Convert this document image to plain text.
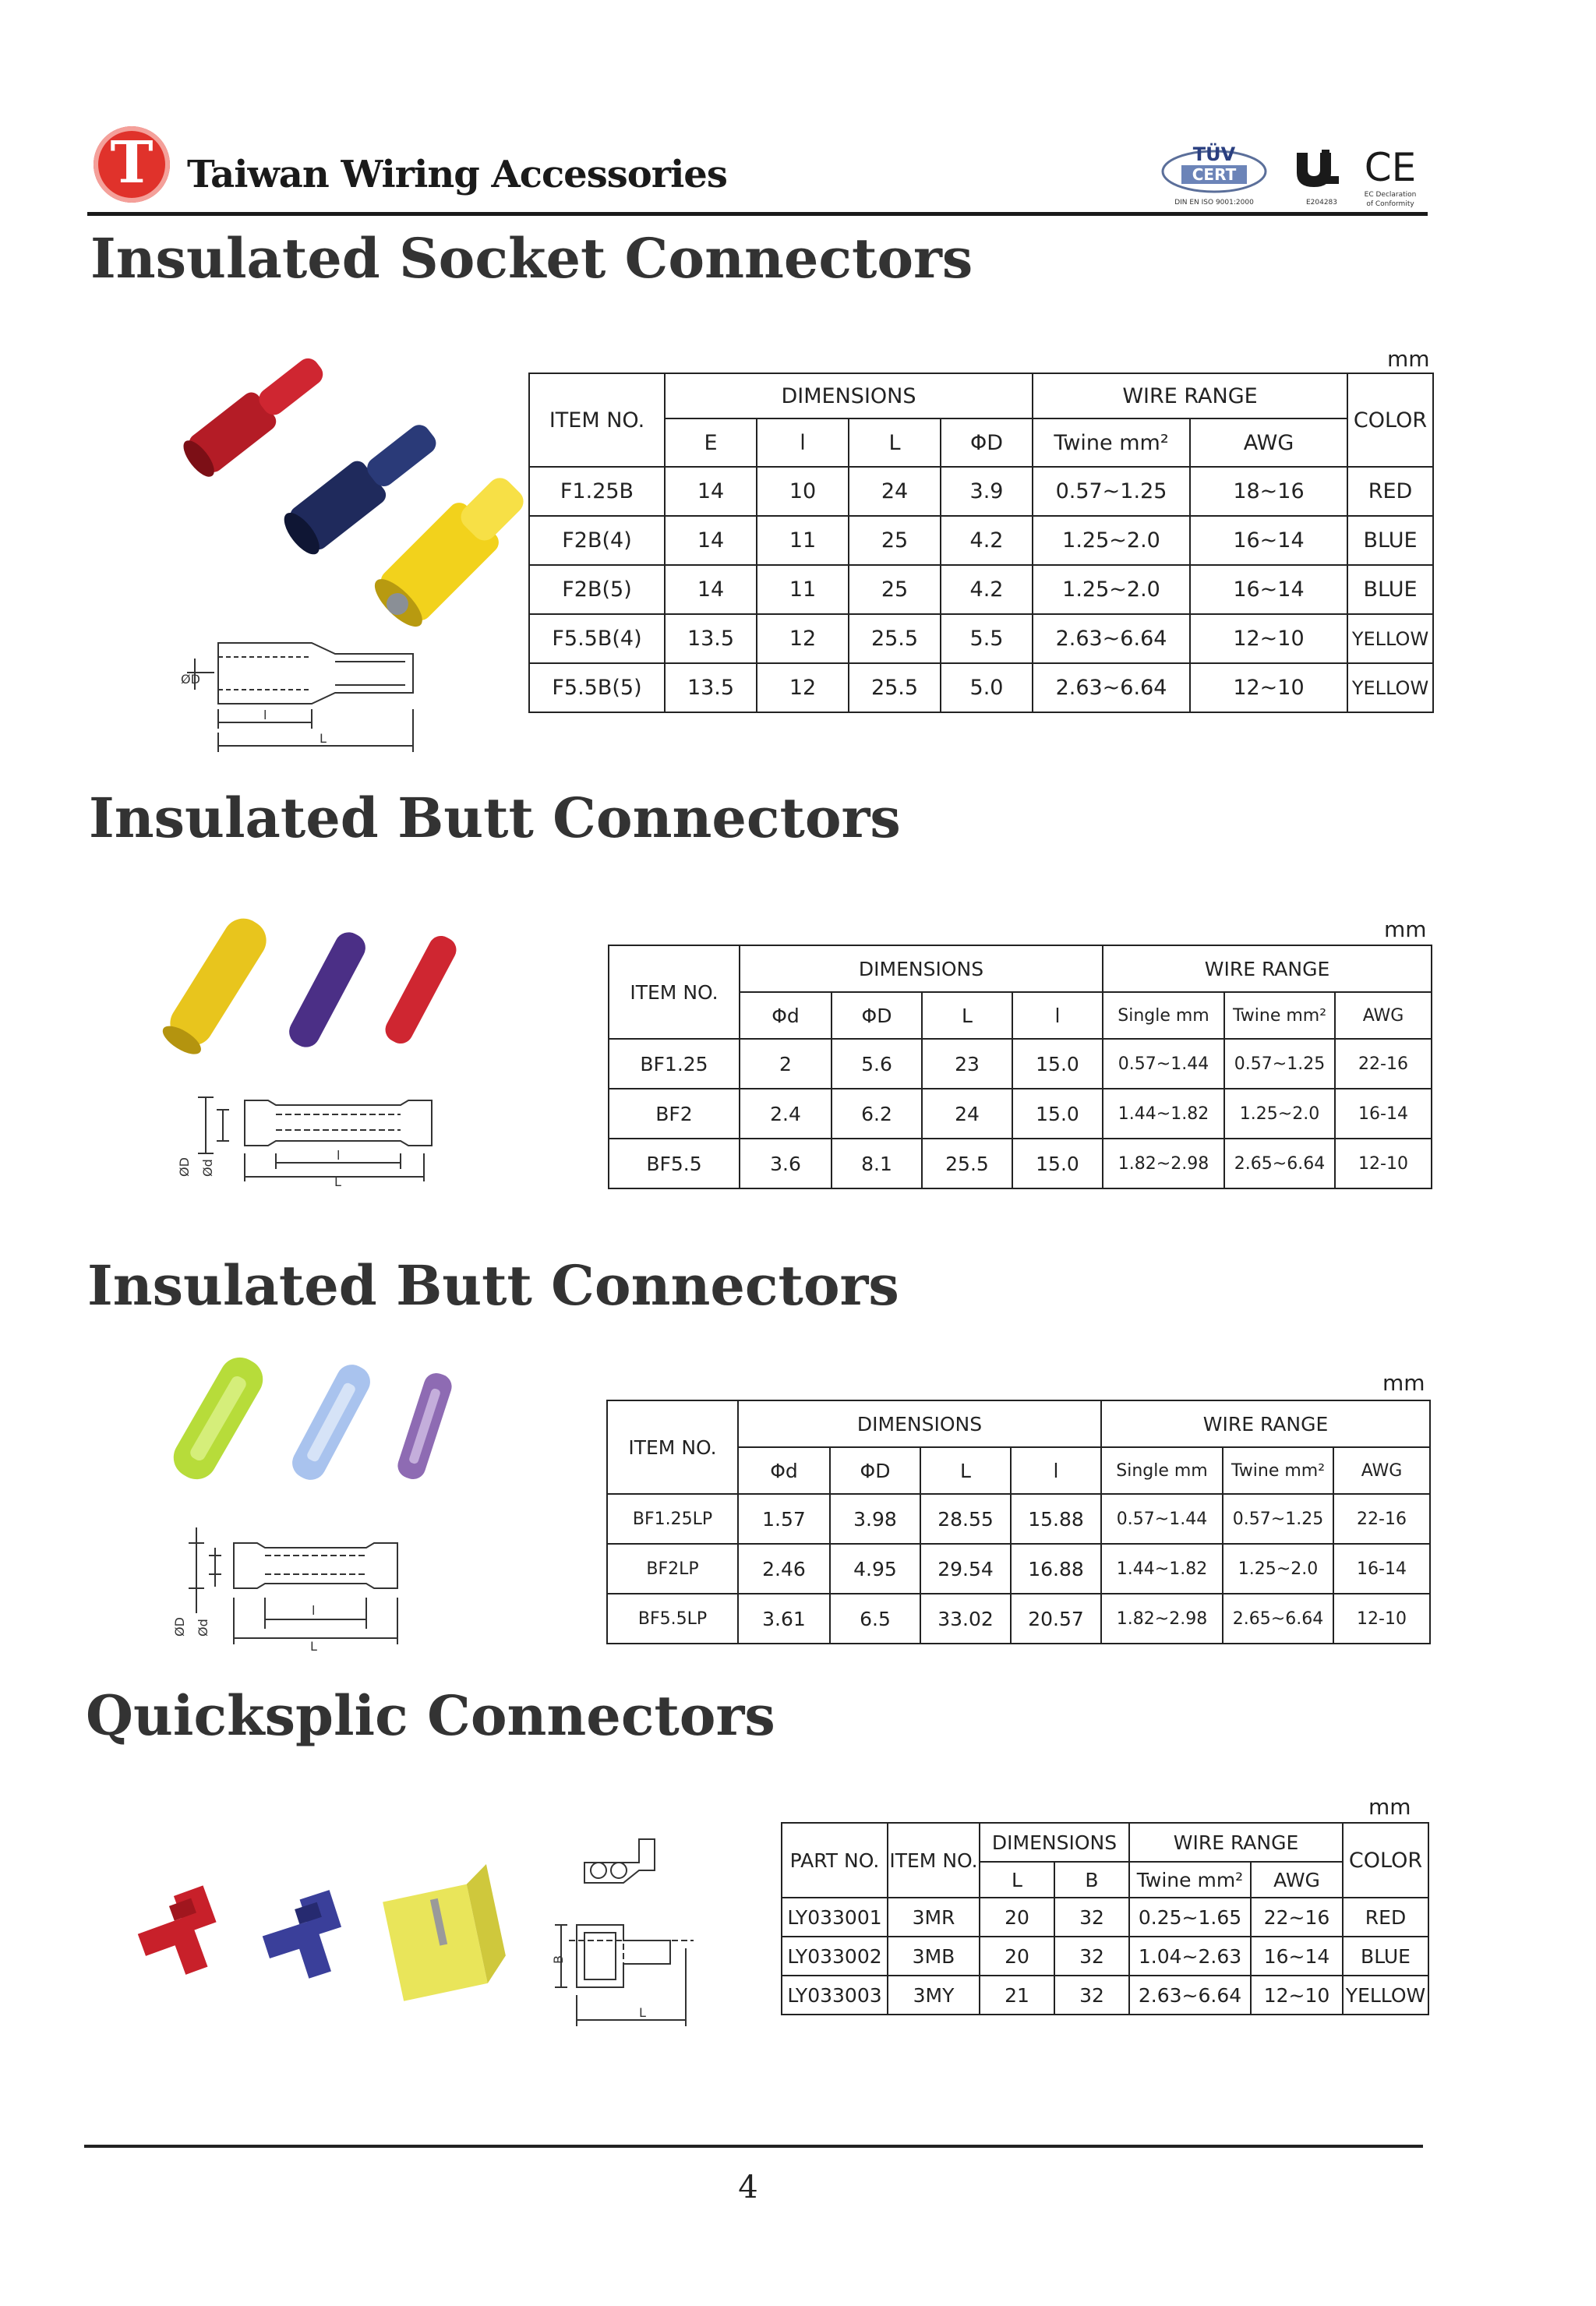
T Taiwan Wiring Accessories	TÜV
CERT
DIN EN ISO 9001:2000	E204283
CE
EC Declaration
of Conformity
Insulated Socket Connectors
ØD
l
L
mm
ITEM NO.	DIMENSIONS				WIRE RANGE		COLOR
	E	l	L	ΦD	Twine mm²	AWG	
F1.25B	14	10	24	3.9	0.57~1.25	18~16	RED
F2B(4)	14	11	25	4.2	1.25~2.0	16~14	BLUE
F2B(5)	14	11	25	4.2	1.25~2.0	16~14	BLUE
F5.5B(4)	13.5	12	25.5	5.5	2.63~6.64	12~10	YELLOW
F5.5B(5)	13.5	12	25.5	5.0	2.63~6.64	12~10	YELLOW
Insulated Butt Connectors
ØD Ød
l
L
mm
ITEM NO.	DIMENSIONS				WIRE RANGE		
	Φd	ΦD	L	l	Single mm	Twine mm²	AWG
BF1.25	2	5.6	23	15.0	0.57~1.44	0.57~1.25	22-16
BF2	2.4	6.2	24	15.0	1.44~1.82	1.25~2.0	16-14
BF5.5	3.6	8.1	25.5	15.0	1.82~2.98	2.65~6.64	12-10
Insulated Butt Connectors
ØD Ød
l
L
mm
ITEM NO.	DIMENSIONS				WIRE RANGE		
	Φd	ΦD	L	l	Single mm	Twine mm²	AWG
BF1.25LP	1.57	3.98	28.55	15.88	0.57~1.44	0.57~1.25	22-16
BF2LP	2.46	4.95	29.54	16.88	1.44~1.82	1.25~2.0	16-14
BF5.5LP	3.61	6.5	33.02	20.57	1.82~2.98	2.65~6.64	12-10
Quicksplic Connectors
B
L
mm
PART NO.	ITEM NO.	DIMENSIONS		WIRE RANGE		COLOR
		L	B	Twine mm²	AWG	
LY033001	3MR	20	32	0.25~1.65	22~16	RED
LY033002	3MB	20	32	1.04~2.63	16~14	BLUE
LY033003	3MY	21	32	2.63~6.64	12~10	YELLOW
4
